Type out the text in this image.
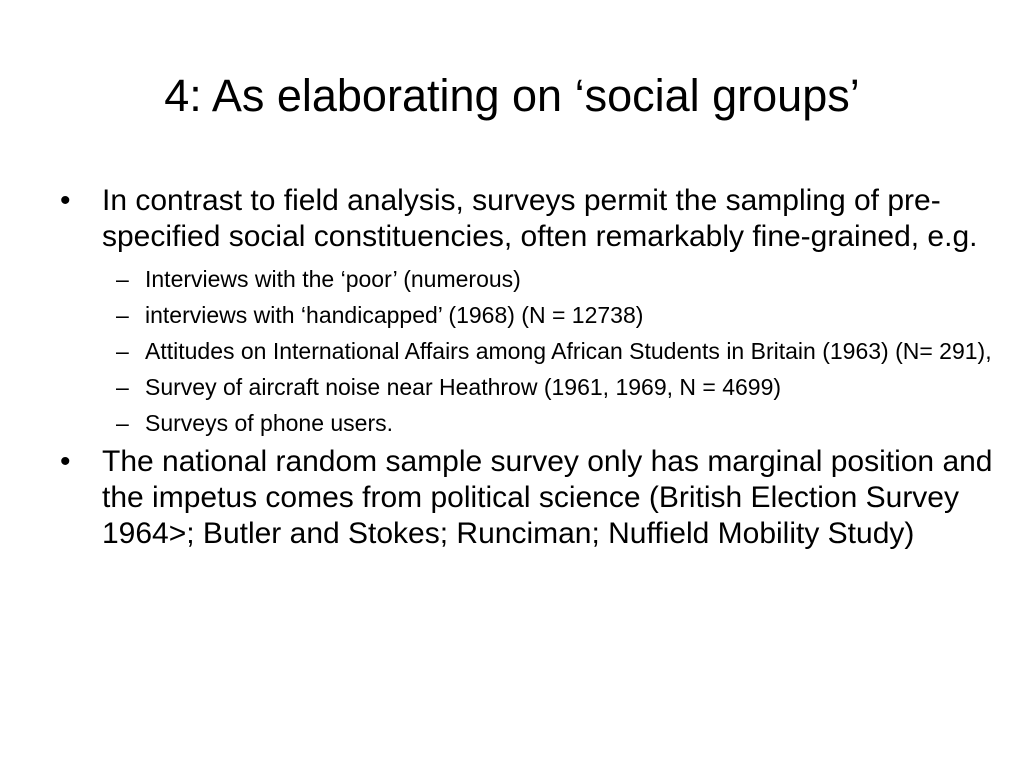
4: As elaborating on ‘social groups’
•	In contrast to field analysis, surveys permit the sampling of pre-specified social constituencies, often remarkably fine-grained, e.g.
– Interviews with the ‘poor’ (numerous)
– interviews with ‘handicapped’ (1968) (N = 12738)
– Attitudes on International Affairs among African Students in Britain (1963) (N= 291),
– Survey of aircraft noise near Heathrow (1961, 1969, N = 4699)
– Surveys of phone users.
•	The national random sample survey only has marginal position and the impetus comes from political science (British Election Survey 1964>; Butler and Stokes; Runciman; Nuffield Mobility Study)
